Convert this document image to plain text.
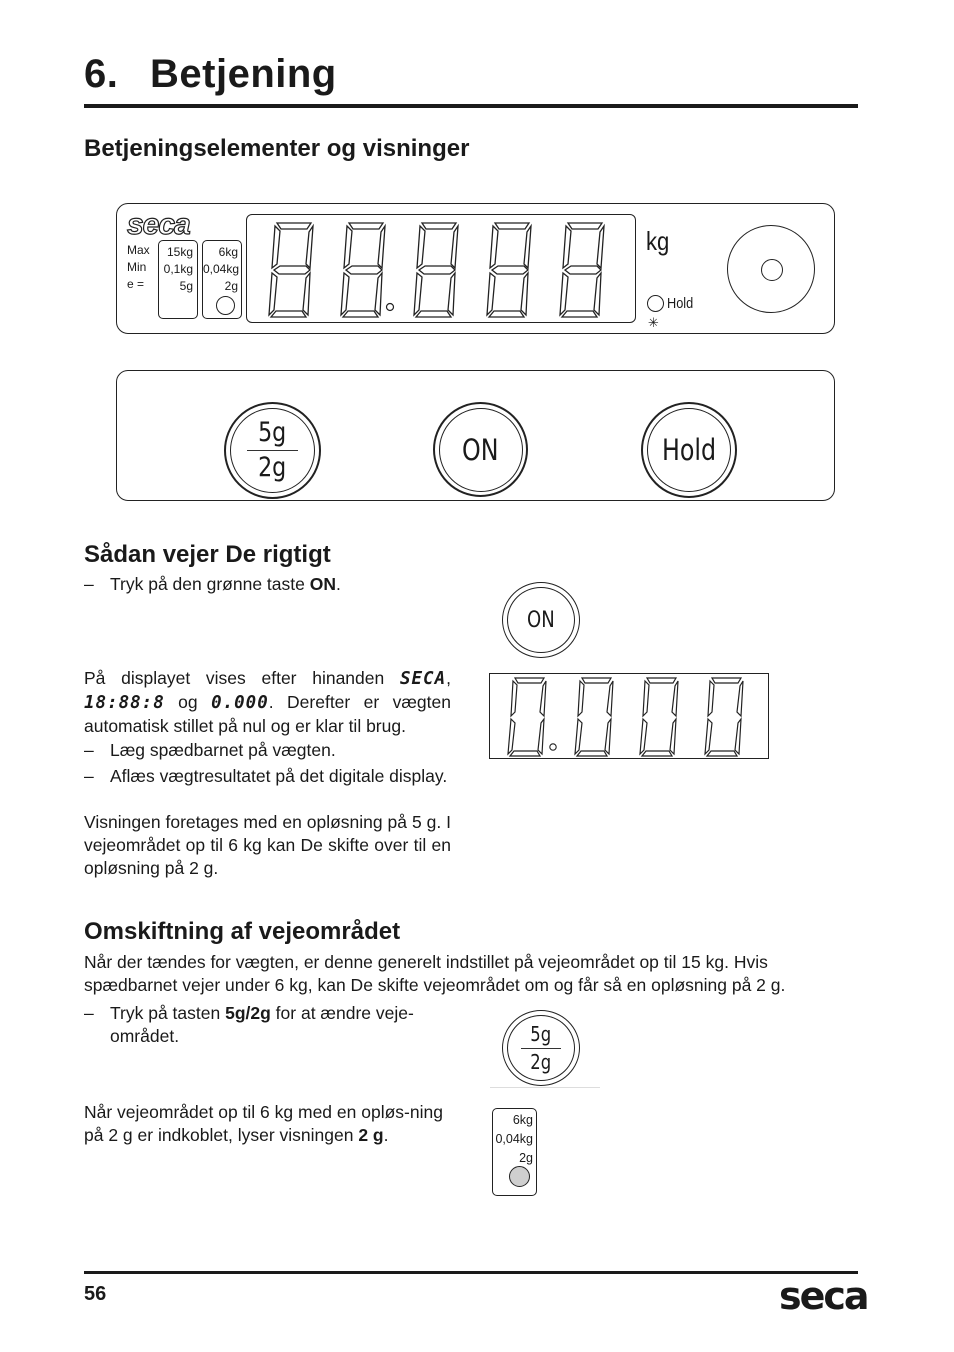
6. Betjening
Betjeningselementer og visninger
seca
Max
Min
e =
15kg
0,1kg
5g
6kg
0,04kg
2g
kg
Hold
✳
5g
2g
ON	Hold
Sådan vejer De rigtigt
– Tryk på den grønne taste ON.
ON
På displayet vises efter hinanden SECA, 18:88:8 og 0.000. Derefter er vægten automatisk stillet på nul og er klar til brug.
– Læg spædbarnet på vægten.
– Aflæs vægtresultatet på det digitale display.
Visningen foretages med en opløsning på 5 g. I vejeområdet op til 6 kg kan De skifte over til en opløsning på 2 g.
Omskiftning af vejeområdet
Når der tændes for vægten, er denne generelt indstillet på vejeområdet op til 15 kg. Hvis spædbarnet vejer under 6 kg, kan De skifte vejeområdet om og får så en opløsning på 2 g.
– Tryk på tasten 5g/2g for at ændre veje-området.	5g
2g
Når vejeområdet op til 6 kg med en opløs-ning på 2 g er indkoblet, lyser visningen 2 g.
6kg
0,04kg
2g
56	seca
